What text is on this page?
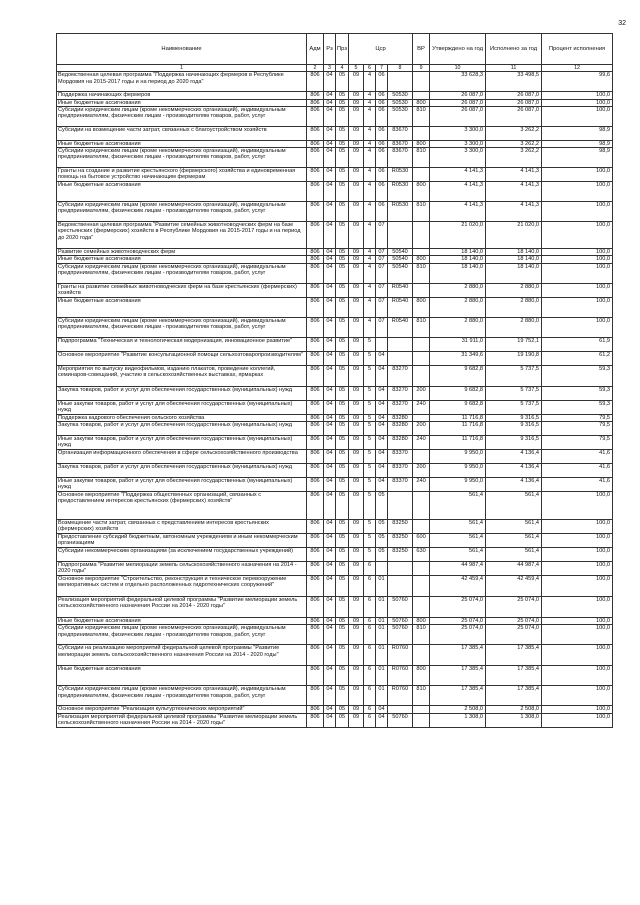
32
Наименование	Адм	Рз	Прз	Цср				ВР	Утверждено на год	Исполнено за год	Процент исполнения
1	2	3	4	5	6	7	8	9	10	11	12
Ведомственная целевая программа "Поддержка начинающих фермеров в Республике Мордовия на 2015-2017 годы и на период до 2020 года"	806	04	05	09	4	06			33 628,3	33 498,5	99,6
Поддержка начинающих фермеров	806	04	05	09	4	06	50530		26 087,0	26 087,0	100,0
Иные бюджетные ассигнования	806	04	05	09	4	06	50530	800	26 087,0	26 087,0	100,0
Субсидии юридическим лицам (кроме некоммерческих организаций), индивидуальным предпринимателям, физическим лицам - производителям товаров, работ, услуг	806	04	05	09	4	06	50530	810	26 087,0	26 087,0	100,0
Субсидии на возмещение части затрат, связанных с благоустройством хозяйств	806	04	05	09	4	06	83670		3 300,0	3 262,2	98,9
Иные бюджетные ассигнования	806	04	05	09	4	06	83670	800	3 300,0	3 262,2	98,9
Субсидии юридическим лицам (кроме некоммерческих организаций), индивидуальным предпринимателям, физическим лицам - производителям товаров, работ, услуг	806	04	05	09	4	06	83670	810	3 300,0	3 262,2	98,9
Гранты на создание и развитие крестьянского (фермерского) хозяйства и единовременная помощь на бытовое устройство начинающим фермерам	806	04	05	09	4	06	R0530		4 141,3	4 141,3	100,0
Иные бюджетные ассигнования	806	04	05	09	4	06	R0530	800	4 141,3	4 141,3	100,0
Субсидии юридическим лицам (кроме некоммерческих организаций), индивидуальным предпринимателям, физическим лицам - производителям товаров, работ, услуг	806	04	05	09	4	06	R0530	810	4 141,3	4 141,3	100,0
Ведомственная целевая программа "Развитие семейных животноводческих ферм на базе крестьянских (фермерских) хозяйств в Республике Мордовия на 2015-2017 годы и на период до 2020 года"	806	04	05	09	4	07			21 020,0	21 020,0	100,0
Развитие семейных животноводческих ферм	806	04	05	09	4	07	50540		18 140,0	18 140,0	100,0
Иные бюджетные ассигнования	806	04	05	09	4	07	50540	800	18 140,0	18 140,0	100,0
Субсидии юридическим лицам (кроме некоммерческих организаций), индивидуальным предпринимателям, физическим лицам - производителям товаров, работ, услуг	806	04	05	09	4	07	50540	810	18 140,0	18 140,0	100,0
Гранты на развитие семейных животноводческих ферм на базе крестьянских (фермерских) хозяйств	806	04	05	09	4	07	R0540		2 880,0	2 880,0	100,0
Иные бюджетные ассигнования	806	04	05	09	4	07	R0540	800	2 880,0	2 880,0	100,0
Субсидии юридическим лицам (кроме некоммерческих организаций), индивидуальным предпринимателям, физическим лицам - производителям товаров, работ, услуг	806	04	05	09	4	07	R0540	810	2 880,0	2 880,0	100,0
Подпрограмма "Техническая и технологическая модернизация, инновационное развитие"	806	04	05	09	5				31 911,0	19 752,1	61,9
Основное мероприятие "Развитие консультационной помощи сельхозтоваропроизводителям"	806	04	05	09	5	04			31 349,6	19 190,8	61,2
Мероприятия по выпуску видеофильмов, изданию плакатов, проведение коллегий, семинаров-совещаний, участию в сельскохозяйственных выставках, ярмарках	806	04	05	09	5	04	83270		9 682,8	5 737,5	59,3
Закупка товаров, работ и услуг для обеспечения государственных (муниципальных) нужд	806	04	05	09	5	04	83270	200	9 682,8	5 737,5	59,3
Иные закупки товаров, работ и услуг для обеспечения государственных (муниципальных) нужд	806	04	05	09	5	04	83270	240	9 682,8	5 737,5	59,3
Поддержка кадрового обеспечения сельского хозяйства	806	04	05	09	5	04	83280		11 716,8	9 316,5	79,5
Закупка товаров, работ и услуг для обеспечения государственных (муниципальных) нужд	806	04	05	09	5	04	83280	200	11 716,8	9 316,5	79,5
Иные закупки товаров, работ и услуг для обеспечения государственных (муниципальных) нужд	806	04	05	09	5	04	83280	240	11 716,8	9 316,5	79,5
Организация информационного обеспечения в сфере сельскохозяйственного производства	806	04	05	09	5	04	83370		9 950,0	4 136,4	41,6
Закупка товаров, работ и услуг для обеспечения государственных (муниципальных) нужд	806	04	05	09	5	04	83370	200	9 950,0	4 136,4	41,6
Иные закупки товаров, работ и услуг для обеспечения государственных (муниципальных) нужд	806	04	05	09	5	04	83370	240	9 950,0	4 136,4	41,6
Основное мероприятие "Поддержка общественных организаций, связанных с предоставлением интересов крестьянских (фермерских) хозяйств"	806	04	05	09	5	05			561,4	561,4	100,0
Возмещение части затрат, связанных с представлением интересов крестьянских (фермерских) хозяйств	806	04	05	09	5	05	83250		561,4	561,4	100,0
Предоставление субсидий бюджетным, автономным учреждениям и иным некоммерческим организациям	806	04	05	09	5	05	83250	600	561,4	561,4	100,0
Субсидии некоммерческим организациям (за исключением государственных учреждений)	806	04	05	09	5	05	83250	630	561,4	561,4	100,0
Подпрограмма "Развитие мелиорации земель сельскохозяйственного назначения на 2014 - 2020 годы"	806	04	05	09	6				44 987,4	44 987,4	100,0
Основное мероприятие "Строительство, реконструкция и техническое перевооружение мелиоративных систем и отдельно расположенных гидротехнических сооружений"	806	04	05	09	6	01			42 459,4	42 459,4	100,0
Реализация мероприятий федеральной целевой программы "Развитие мелиорации земель сельскохозяйственного назначения России на 2014 - 2020 годы"	806	04	05	09	6	01	50760		25 074,0	25 074,0	100,0
Иные бюджетные ассигнования	806	04	05	09	6	01	50760	800	25 074,0	25 074,0	100,0
Субсидии юридическим лицам (кроме некоммерческих организаций), индивидуальным предпринимателям, физическим лицам - производителям товаров, работ, услуг	806	04	05	09	6	01	50760	810	25 074,0	25 074,0	100,0
Субсидии на реализацию мероприятий федеральной целевой программы "Развитие мелиорации земель сельскохозяйственного назначения России на 2014 - 2020 годы"	806	04	05	09	6	01	R0760		17 385,4	17 385,4	100,0
Иные бюджетные ассигнования	806	04	05	09	6	01	R0760	800	17 385,4	17 385,4	100,0
Субсидии юридическим лицам (кроме некоммерческих организаций), индивидуальным предпринимателям, физическим лицам - производителям товаров, работ, услуг	806	04	05	09	6	01	R0760	810	17 385,4	17 385,4	100,0
Основное мероприятие "Реализация культуртехнических мероприятий"	806	04	05	09	6	04			2 508,0	2 508,0	100,0
Реализация мероприятий федеральной целевой программы "Развитие мелиорации земель сельскохозяйственного назначения России на 2014 - 2020 годы"	806	04	05	09	6	04	50760		1 308,0	1 308,0	100,0
